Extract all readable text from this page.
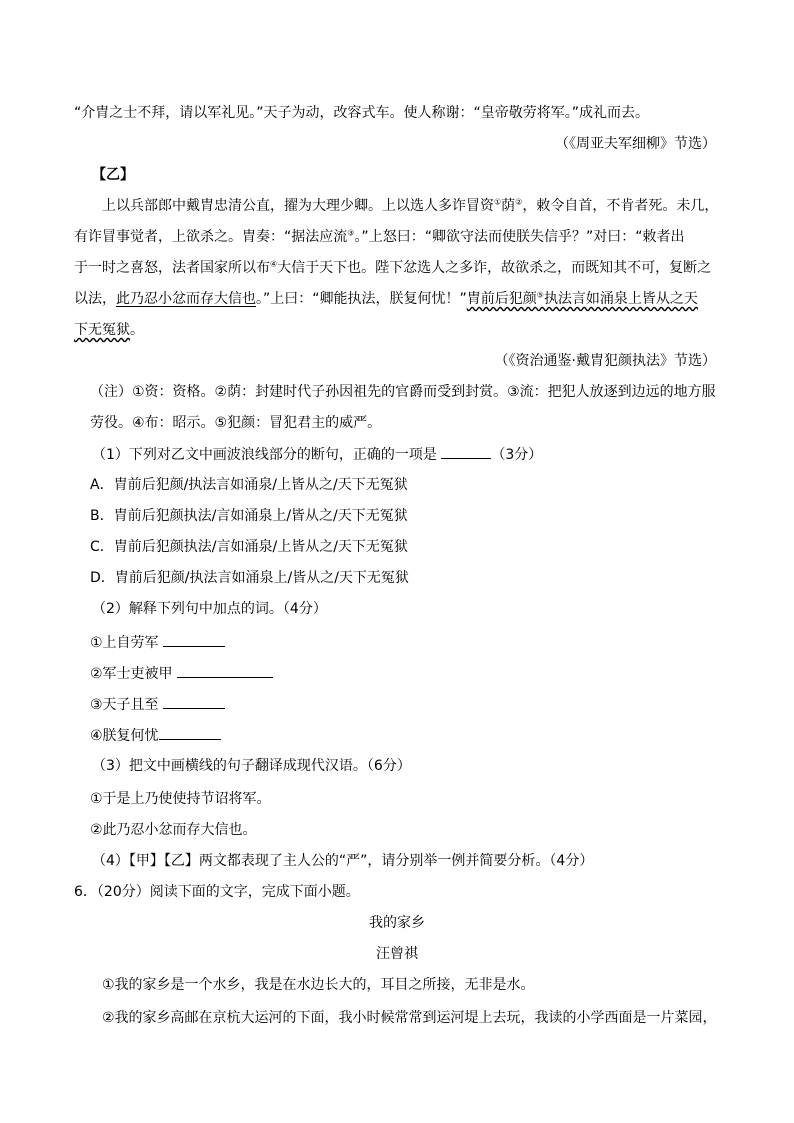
“介胄之士不拜，请以军礼见。”天子为动，改容式车。使人称谢：“皇帝敬劳将军。”成礼而去。
（《周亚夫军细柳》节选）
【乙】
上以兵部郎中戴胄忠清公直，擢为大理少卿。上以选人多诈冒资①荫②，敕令自首，不肯者死。未几，
有诈冒事觉者，上欲杀之。胄奏：“据法应流③。”上怒曰：“卿欲守法而使朕失信乎？”对曰：“敕者出
于一时之喜怒，法者国家所以布④大信于天下也。陛下忿选人之多诈，故欲杀之，而既知其不可，复断之
以法，此乃忍小忿而存大信也。”上曰：“卿能执法，朕复何忧！”胄前后犯颜⑤执法言如涌泉上皆从之天
下无冤狱。
（《资治通鉴·戴胄犯颜执法》节选）
（注）①资：资格。②荫：封建时代子孙因祖先的官爵而受到封赏。③流：把犯人放逐到边远的地方服
劳役。④布：昭示。⑤犯颜：冒犯君主的威严。
（1）下列对乙文中画波浪线部分的断句，正确的一项是	（3分）
A．胄前后犯颜/执法言如涌泉/上皆从之/天下无冤狱
B．胄前后犯颜执法/言如涌泉上/皆从之/天下无冤狱
C．胄前后犯颜执法/言如涌泉/上皆从之/天下无冤狱
D．胄前后犯颜/执法言如涌泉上/皆从之/天下无冤狱
（2）解释下列句中加点的词。（4分）
①上自劳军
②军士吏被甲
③天子且至
④朕复何忧
（3）把文中画横线的句子翻译成现代汉语。（6分）
①于是上乃使使持节诏将军。
②此乃忍小忿而存大信也。
（4）【甲】【乙】两文都表现了主人公的“严”，请分别举一例并简要分析。（4分）
6．（20分）阅读下面的文字，完成下面小题。
我的家乡
汪曾祺
①我的家乡是一个水乡，我是在水边长大的，耳目之所接，无非是水。
②我的家乡高邮在京杭大运河的下面，我小时候常常到运河堤上去玩，我读的小学西面是一片菜园，
